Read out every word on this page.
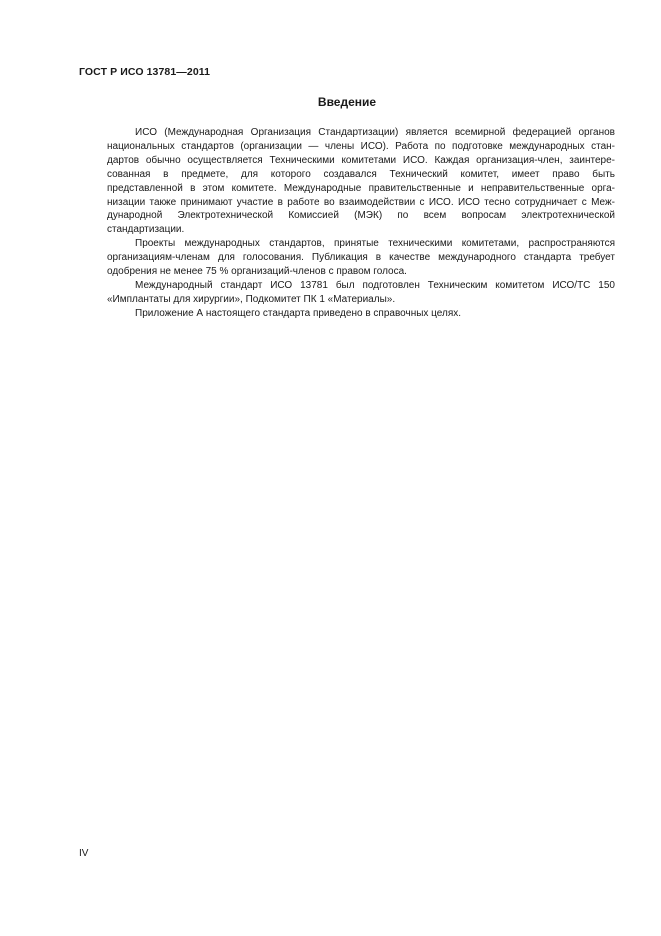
ГОСТ Р ИСО 13781—2011
Введение
ИСО (Международная Организация Стандартизации) является всемирной федерацией органов
национальных стандартов (организации — члены ИСО). Работа по подготовке международных стан-
дартов обычно осуществляется Техническими комитетами ИСО. Каждая организация-член, заинтере-
сованная в предмете, для которого создавался Технический комитет, имеет право быть
представленной в этом комитете. Международные правительственные и неправительственные орга-
низации также принимают участие в работе во взаимодействии с ИСО. ИСО тесно сотрудничает с Меж-
дународной Электротехнической Комиссией (МЭК) по всем вопросам электротехнической
стандартизации.
Проекты международных стандартов, принятые техническими комитетами, распространяются
организациям-членам для голосования. Публикация в качестве международного стандарта требует
одобрения не менее 75 % организаций-членов с правом голоса.
Международный стандарт ИСО 13781 был подготовлен Техническим комитетом ИСО/ТС 150
«Имплантаты для хирургии», Подкомитет ПК 1 «Материалы».
Приложение А настоящего стандарта приведено в справочных целях.
IV
